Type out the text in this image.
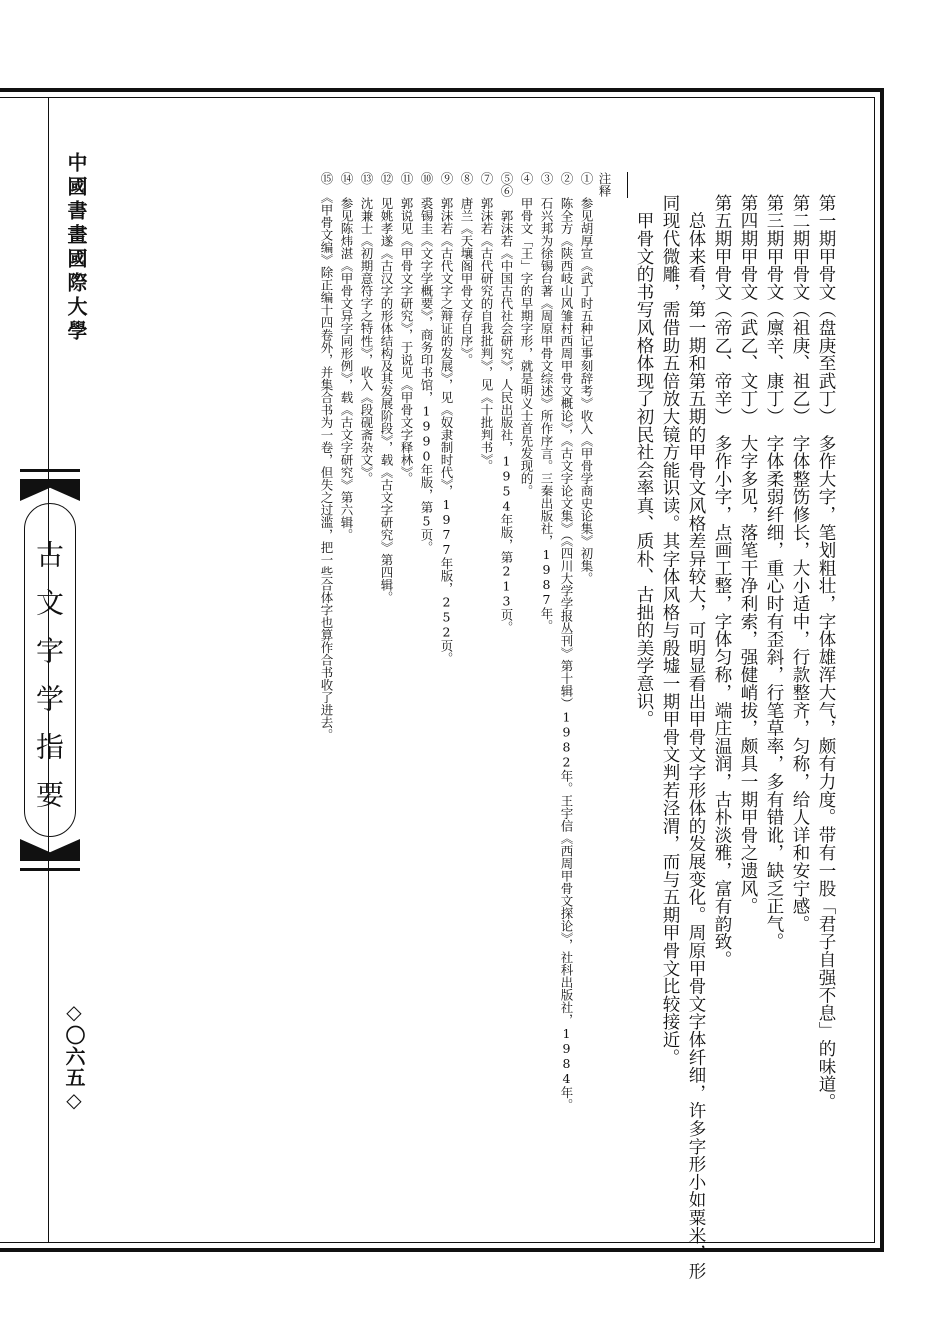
中國書畫國際大學
古文字学指要
◇〇六五◇	第一期甲骨文（盘庚至武丁）　多作大字，笔划粗壮，字体雄浑大气，颇有力度。带有一股「君子自强不息」的味道。
第二期甲骨文（祖庚、祖乙）　字体整饬修长，大小适中，行款整齐，匀称，给人详和安宁感。
第三期甲骨文（廪辛、康丁）　字体柔弱纤细，重心时有歪斜，行笔草率，多有错讹，缺乏正气。
第四期甲骨文（武乙、文丁）　大字多见，落笔干净利索，强健峭拔，颇具一期甲骨之遗风。
第五期甲骨文（帝乙、帝辛）　多作小字，点画工整，字体匀称，端庄温润，古朴淡雅，富有韵致。
　总体来看，第一期和第五期的甲骨文风格差异较大，可明显看出甲骨文字形体的发展变化。周原甲骨文字体纤细，许多字形小如粟米，形
同现代微雕，需借助五倍放大镜方能识读。其字体风格与殷墟一期甲骨文判若泾渭，而与五期甲骨文比较接近。
　甲骨文的书写风格体现了初民社会率真、质朴、古拙的美学意识。
注释
①　参见胡厚宣《武丁时五种记事刻辞考》收入《甲骨学商史论集》初集。
②　陈全方《陕西岐山风雏村西周甲骨文概论》，《古文字论文集》（《四川大学学报丛刊》第十辑）1982年。王宇信《西周甲骨文探论》，社科出版社，1984年。
③　石兴邦为徐锡台著《周原甲骨文综述》所作序言。三秦出版社，1987年。
④　甲骨文「王」字的早期字形，就是明义士首先发现的。
⑤⑥　郭沫若《中国古代社会研究》，人民出版社，1954年版，第213页。
⑦　郭沫若《古代研究的自我批判》，见《十批判书》。
⑧　唐兰《天壤阁甲骨文存自序》。
⑨　郭沫若《古代文字之辩证的发展》，见《奴隶制时代》，1977年版，252页。
⑩　裘锡圭《文字学概要》，商务印书馆，1990年版，第5页。
⑪　郭说见《甲骨文字研究》，于说见《甲骨文字释林》。
⑫　见姚孝遂《古汉字的形体结构及其发展阶段》，载《古文字研究》第四辑。
⑬　沈兼士《初期意符字之特性》，收入《段砚斋杂文》。
⑭　参见陈炜湛《甲骨文异字同形例》，载《古文字研究》第六辑。
⑮　《甲骨文编》除正编十四卷外，并集合书为一卷，但失之过滥，把一些合体字也算作合书收了进去。
